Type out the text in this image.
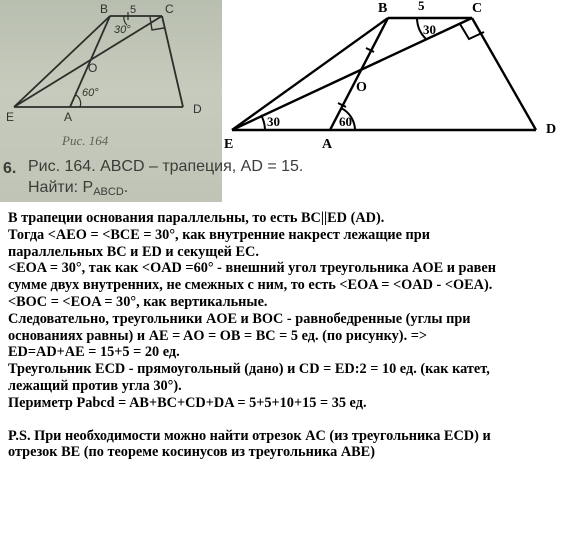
B 5 C
30°
O
60°
E	A
D
Рис. 164
6. Рис. 164. ABCD – трапеция, AD = 15.
Найти: PABCD.
B 5	C
30
O
E	A
D
30	60
В трапеции основания параллельны, то есть BC||ED (AD).
Тогда <AEO = <BCE = 30°, как внутренние накрест лежащие при
параллельных BC и ED и секущей EC.
<EOA = 30°, так как <OAD =60° - внешний угол треугольника AOE и равен
сумме двух внутренних, не смежных с ним, то есть <EOA = <OAD - <OEA).
<BOC = <EOA = 30°, как вертикальные.
Следовательно, треугольники AOE и BOC - равнобедренные (углы при
основаниях равны) и AE = AO = OB = BC = 5 ед. (по рисунку). =>
ED=AD+AE = 15+5 = 20 ед.
Треугольник ECD - прямоугольный (дано) и CD = ED:2 = 10 ед. (как катет,
лежащий против угла 30°).
Периметр Pabcd = AB+BC+CD+DA = 5+5+10+15 = 35 ед.
P.S. При необходимости можно найти отрезок AC (из треугольника ECD) и
отрезок BE (по теореме косинусов из треугольника ABE)
